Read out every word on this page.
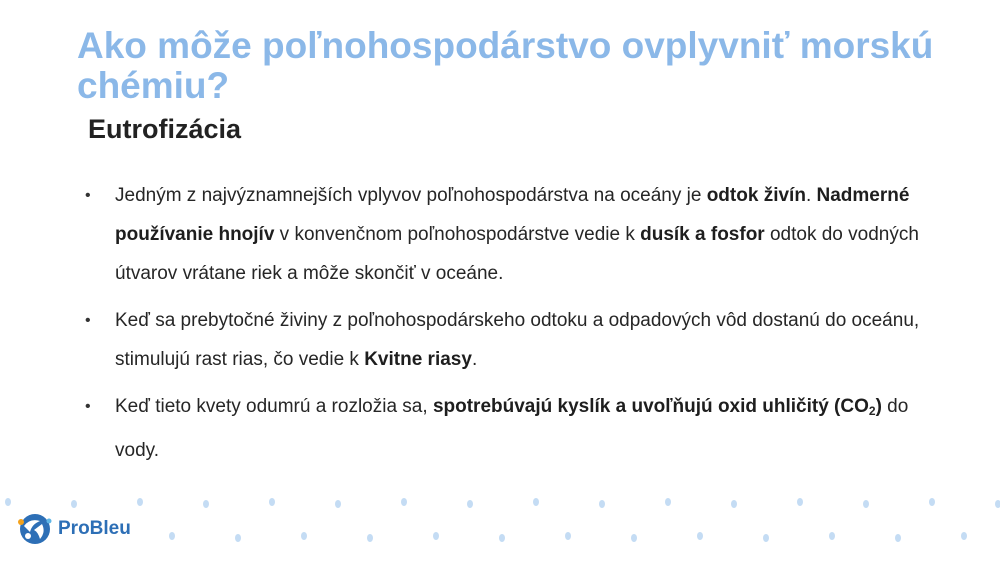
Ako môže poľnohospodárstvo ovplyvniť morskú chémiu?
Eutrofizácia
• Jedným z najvýznamnejších vplyvov poľnohospodárstva na oceány je odtok živín. Nadmerné používanie hnojív v konvenčnom poľnohospodárstve vedie k dusík a fosfor odtok do vodných útvarov vrátane riek a môže skončiť v oceáne.
• Keď sa prebytočné živiny z poľnohospodárskeho odtoku a odpadových vôd dostanú do oceánu, stimulujú rast rias, čo vedie k Kvitne riasy.
• Keď tieto kvety odumrú a rozložia sa, spotrebúvajú kyslík a uvoľňujú oxid uhličitý $(CO_2)$ do vody.
ProBleu
